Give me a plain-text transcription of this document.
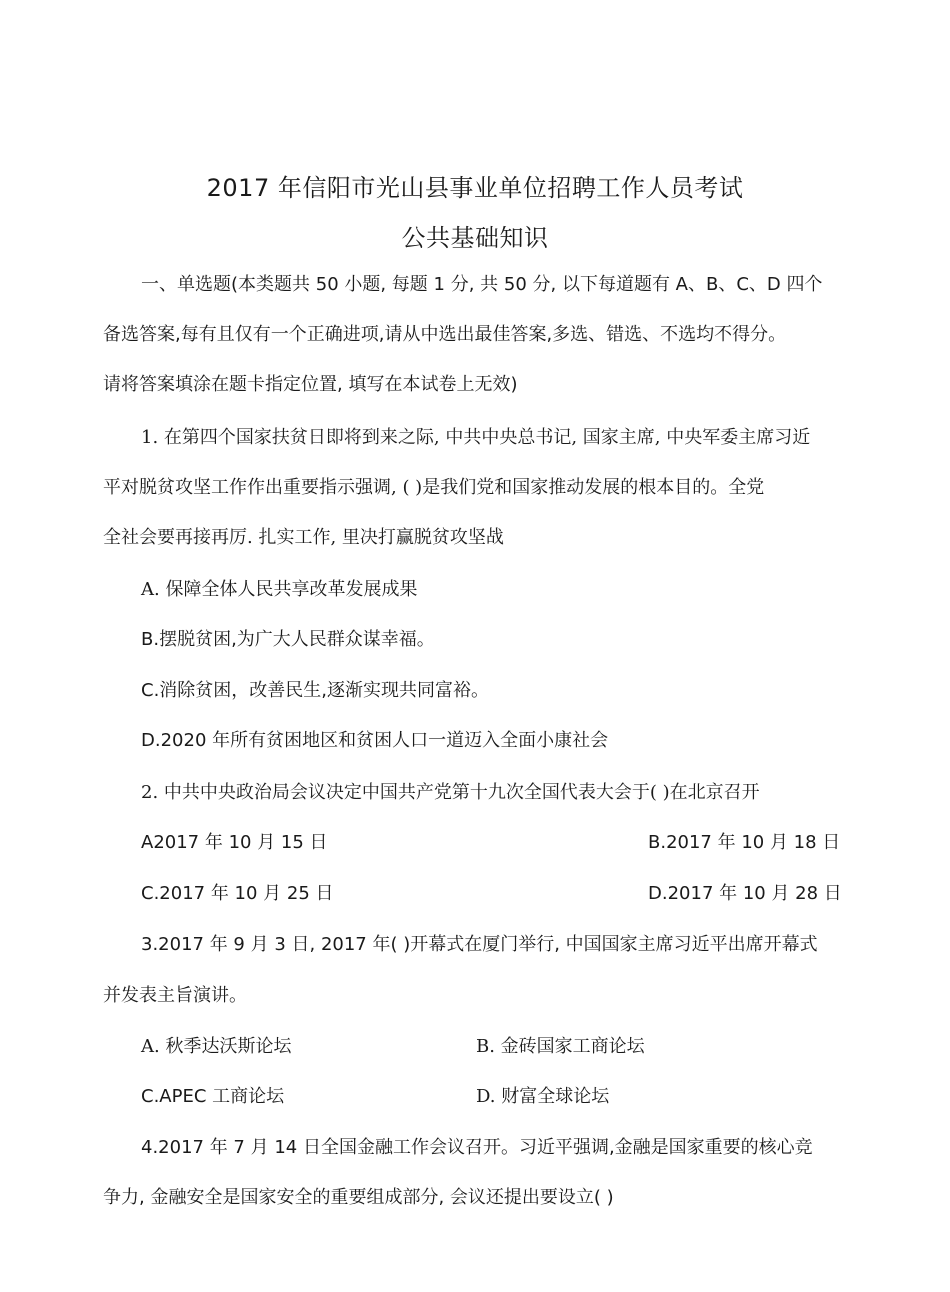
2017 年信阳市光山县事业单位招聘工作人员考试
公共基础知识
一、单选题(本类题共 50 小题, 每题 1 分, 共 50 分, 以下每道题有 A、B、C、D 四个
备选答案,每有且仅有一个正确进项,请从中选出最佳答案,多选、错选、不选均不得分。
请将答案填涂在题卡指定位置, 填写在本试卷上无效)
1. 在第四个国家扶贫日即将到来之际, 中共中央总书记, 国家主席, 中央军委主席习近
平对脱贫攻坚工作作出重要指示强调, ( )是我们党和国家推动发展的根本目的。全党
全社会要再接再厉. 扎实工作, 里决打赢脱贫攻坚战
A. 保障全体人民共享改革发展成果
B.摆脱贫困,为广大人民群众谋幸福。
C.消除贫困，改善民生,逐渐实现共同富裕。
D.2020 年所有贫困地区和贫困人口一道迈入全面小康社会
2. 中共中央政治局会议决定中国共产党第十九次全国代表大会于( )在北京召开
A2017 年 10 月 15 日	B.2017 年 10 月 18 日
C.2017 年 10 月 25 日	D.2017 年 10 月 28 日
3.2017 年 9 月 3 日, 2017 年( )开幕式在厦门举行, 中国国家主席习近平出席开幕式
并发表主旨演讲。
A. 秋季达沃斯论坛	B. 金砖国家工商论坛
C.APEC 工商论坛	D. 财富全球论坛
4.2017 年 7 月 14 日全国金融工作会议召开。习近平强调,金融是国家重要的核心竞
争力, 金融安全是国家安全的重要组成部分, 会议还提出要设立( )
